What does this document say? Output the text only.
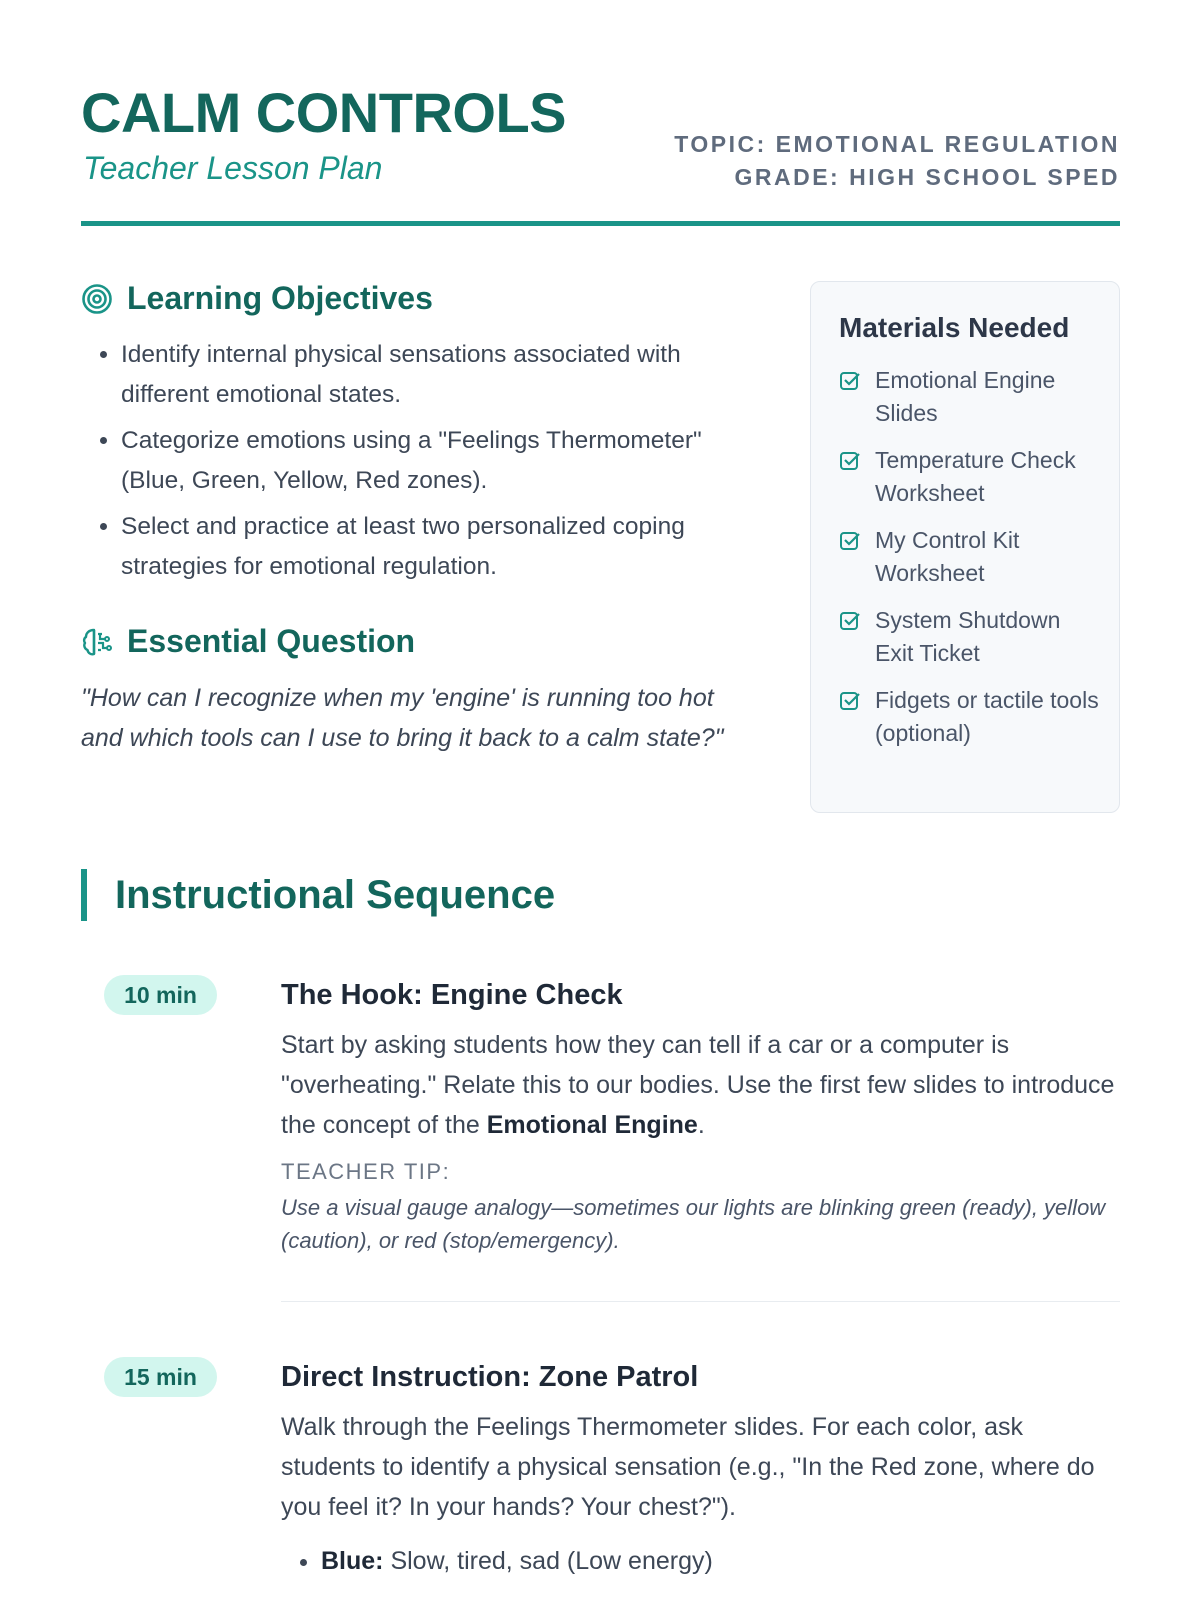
CALM CONTROLS
Teacher Lesson Plan
TOPIC: EMOTIONAL REGULATION
GRADE: HIGH SCHOOL SPED
Learning Objectives
• Identify internal physical sensations associated with different emotional states.
• Categorize emotions using a "Feelings Thermometer" (Blue, Green, Yellow, Red zones).
• Select and practice at least two personalized coping strategies for emotional regulation.
Essential Question
"How can I recognize when my 'engine' is running too hot and which tools can I use to bring it back to a calm state?"
Materials Needed
Emotional Engine Slides
Temperature Check Worksheet
My Control Kit Worksheet
System Shutdown Exit Ticket
Fidgets or tactile tools (optional)
Instructional Sequence
10 min	The Hook: Engine Check
Start by asking students how they can tell if a car or a computer is "overheating." Relate this to our bodies. Use the first few slides to introduce the concept of the Emotional Engine.
TEACHER TIP:
Use a visual gauge analogy—sometimes our lights are blinking green (ready), yellow (caution), or red (stop/emergency).
15 min	Direct Instruction: Zone Patrol
Walk through the Feelings Thermometer slides. For each color, ask students to identify a physical sensation (e.g., "In the Red zone, where do you feel it? In your hands? Your chest?").
• Blue: Slow, tired, sad (Low energy)
